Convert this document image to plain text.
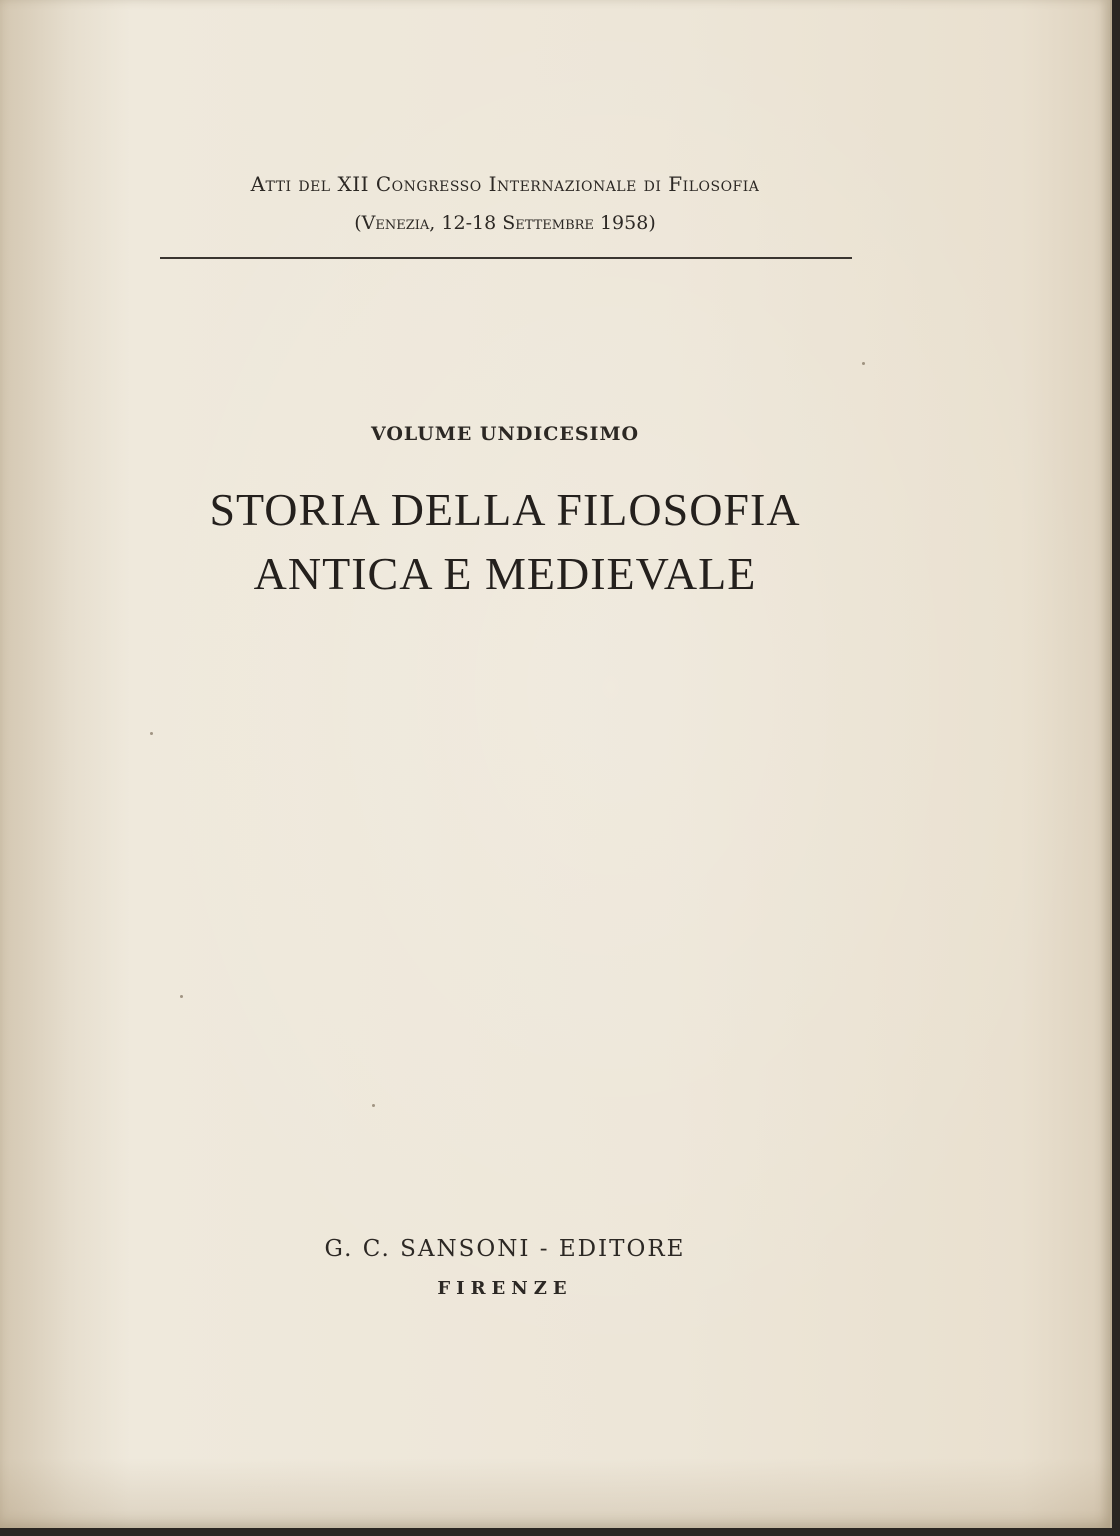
Atti del XII Congresso Internazionale di Filosofia
(Venezia, 12-18 Settembre 1958)
VOLUME UNDICESIMO
STORIA DELLA FILOSOFIA
ANTICA E MEDIEVALE
G. C. SANSONI - EDITORE
FIRENZE
